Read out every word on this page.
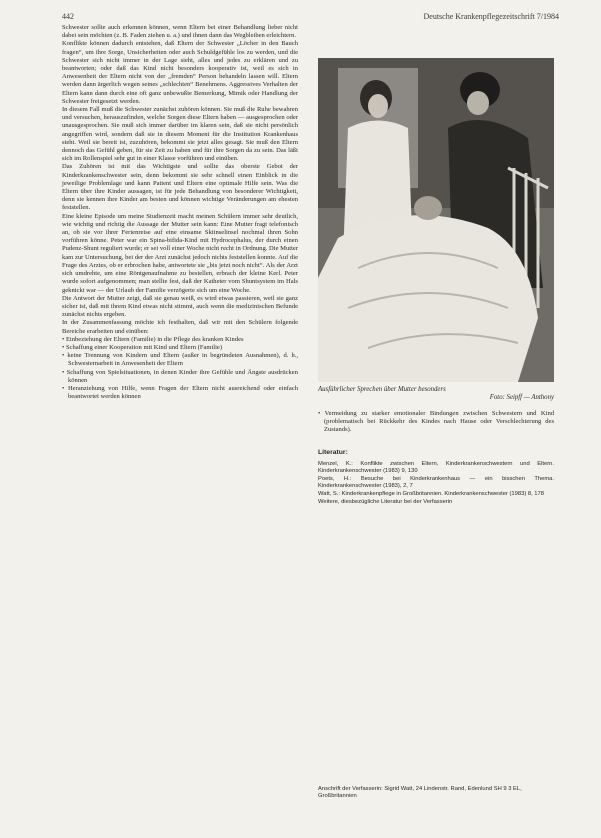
442	Deutsche Krankenpflegezeitschrift 7/1984

Schwester sollte auch erkennen können, wenn Eltern bei einer Behandlung lieber nicht dabei sein möchten (z. B. Faden ziehen u. a.) und ihnen dann das Wegbleiben erleichtern.

Konflikte können dadurch entstehen, daß Eltern der Schwester „Löcher in den Bauch fragen“, um ihre Sorge, Unsicherheiten oder auch Schuldgefühle los zu werden, und die Schwester sich nicht immer in der Lage sieht, alles und jedes zu erklären und zu beantworten; oder daß das Kind nicht besonders kooperativ ist, weil es sich in Anwesenheit der Eltern nicht von der „fremden“ Person behandeln lassen will. Eltern werden dann ärgerlich wegen seines „schlechten“ Benehmens. Aggressives Verhalten der Eltern kann dann durch eine oft ganz unbewußte Bemerkung, Mimik oder Handlung der Schwester freigesetzt werden.

In diesem Fall muß die Schwester zunächst zuhören können. Sie muß die Ruhe bewahren und versuchen, herauszufinden, welche Sorgen diese Eltern haben — ausgesprochen oder unausgesprochen. Sie muß sich immer darüber im klaren sein, daß sie nicht persönlich angegriffen wird, sondern daß sie in diesem Moment für die Institution Krankenhaus steht. Weil sie bereit ist, zuzuhören, bekommt sie jetzt alles gesagt. Sie muß den Eltern dennoch das Gefühl geben, für sie Zeit zu haben und für ihre Sorgen da zu sein. Das läßt sich im Rollenspiel sehr gut in einer Klasse vorführen und einüben.

Das Zuhören ist mit das Wichtigste und sollte das oberste Gebot der Kinderkrankenschwester sein, denn bekommt sie sehr schnell einen Einblick in die jeweilige Problemlage und kann Patient und Eltern eine optimale Hilfe sein. Was die Eltern über ihre Kinder aussagen, ist für jede Behandlung von besonderer Wichtigkeit, denn sie kennen ihre Kinder am besten und können wichtige Veränderungen am ehesten feststellen.

Eine kleine Episode um meine Studienzeit macht meinen Schülern immer sehr deutlich, wie wichtig und richtig die Aussage der Mutter sein kann: Eine Mutter fragt telefonisch an, ob sie vor ihrer Ferienreise auf eine einsame Skiinselinsel nochmal ihren Sohn vorführen könne. Peter war ein Spina-bifida-Kind mit Hydrocephalus, der durch einen Pudenz-Shunt reguliert wurde; er sei voll einer Woche nicht recht in Ordnung. Die Mutter kam zur Untersuchung, bei der der Arzt zunächst jedoch nichts feststellen konnte. Auf die Frage des Arztes, ob er erbrochen habe, antwortete sie „bis jetzt noch nicht“. Als der Arzt sich umdrehte, um eine Röntgenaufnahme zu bestellen, erbrach der kleine Kerl. Peter wurde sofort aufgenommen; man stellte fest, daß der Katheter vom Shuntsystem im Hals geknickt war — der Urlaub der Familie verzögerte sich um eine Woche.

Die Antwort der Mutter zeigt, daß sie genau weiß, es wird etwas passieren, weil sie ganz sicher ist, daß mit ihrem Kind etwas nicht stimmt, auch wenn die medizinischen Befunde zunächst nichts ergeben.

In der Zusammenfassung möchte ich festhalten, daß wir mit den Schülern folgende Bereiche erarbeiten und einüben:

• Einbeziehung der Eltern (Familie) in die Pflege des kranken Kindes
• Schaffung einer Kooperation mit Kind und Eltern (Familie)
• keine Trennung von Kindern und Eltern (außer in begründeten Ausnahmen), d. h., Schwesternarbeit in Anwesenheit der Eltern
• Schaffung von Spielsituationen, in denen Kinder ihre Gefühle und Ängste ausdrücken können
• Heranziehung von Hilfe, wenn Fragen der Eltern nicht ausreichend oder einfach beantwortet werden können
Ausführlicher Sprechen über Mutter besonders
Foto: Seipff — Anthony
• Vermeidung zu starker emotionaler Bindungen zwischen Schwestern und Kind (problematisch bei Rückkehr des Kindes nach Hause oder Verschlechterung des Zustands).
Literatur:
Menzel, K.: Konflikte zwischen Eltern, Kinderkrankenschwestern und Eltern. Kinderkrankenschwester (1983) 9, 130
Poets, H.: Besuche bei Kinderkrankenhaus — ein bisschen Thema. Kinderkrankenschwester (1983), 2, 7
Watt, S.: Kinderkrankenpflege in Großbritannien. Kinderkrankenschwester (1983) 8, 178
Weitere, diesbezügliche Literatur bei der Verfasserin
Anschrift der Verfasserin: Sigrid Watt, 24 Lindenstr. Rand, Edenlund SH 9 3 EL, Großbritannien
